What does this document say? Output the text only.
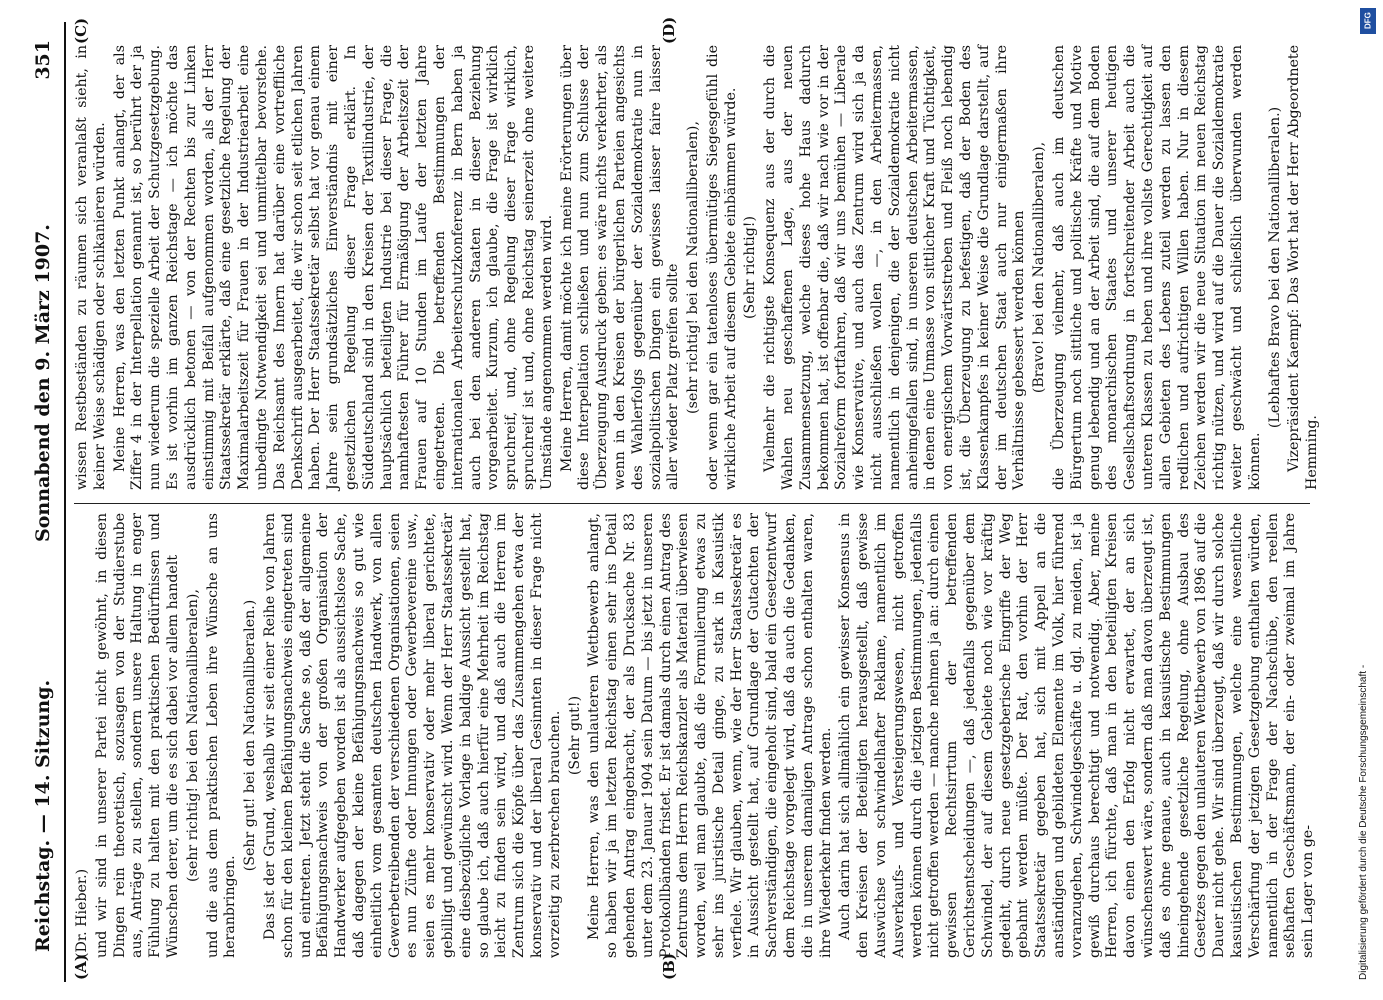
Reichstag. — 14. Sitzung.
Sonnabend den 9. März 1907.
351
(A)	(B)
(C)	(D)

(Dr. Hieber.) und wir sind in unserer Partei nicht gewöhnt, in diesen Dingen rein theoretisch, sozusagen von der Studierstube aus, Anträge zu stellen, sondern unsere Haltung in enger Fühlung zu halten mit den praktischen Bedürfnissen und Wünschen derer, um die es sich dabei vor allem handelt (sehr richtig! bei den Nationalliberalen), und die aus dem praktischen Leben ihre Wünsche an uns heranbringen.

(Sehr gut! bei den Nationalliberalen.) Das ist der Grund, weshalb wir seit einer Reihe von Jahren schon für den kleinen Befähigungsnachweis eingetreten sind und eintreten. Jetzt steht die Sache so, daß der allgemeine Befähigungsnachweis von der großen Organisation der Handwerker aufgegeben worden ist als aussichtslose Sache, daß dagegen der kleine Befähigungsnachweis so gut wie einheitlich vom gesamten deutschen Handwerk, von allen Gewerbetreibenden der verschiedenen Organisationen, seien es nun Zünfte oder Innungen oder Gewerbevereine usw., seien es mehr konservativ oder mehr liberal gerichtete, gebilligt und gewünscht wird. Wenn der Herr Staatssekretär eine diesbezügliche Vorlage in baldige Aussicht gestellt hat, so glaube ich, daß auch hierfür eine Mehrheit im Reichstag leicht zu finden sein wird, und daß auch die Herren im Zentrum sich die Köpfe über das Zusammengehen etwa der konservativ und der liberal Gesinnten in dieser Frage nicht vorzeitig zu zerbrechen brauchen. (Sehr gut!) Meine Herren, was den unlauteren Wettbewerb anlangt, so haben wir ja im letzten Reichstag einen sehr ins Detail gehenden Antrag eingebracht, der als Drucksache Nr. 83 unter dem 23. Januar 1904 sein Datum — bis jetzt in unseren Protokollbänden fristet. Er ist damals durch einen Antrag des Zentrums dem Herrn Reichskanzler als Material überwiesen worden, weil man glaubte, daß die Formulierung etwas zu sehr ins juristische Detail ginge, zu stark in Kasuistik verfiele. Wir glauben, wenn, wie der Herr Staatssekretär es in Aussicht gestellt hat, auf Grundlage der Gutachten der Sachverständigen, die eingeholt sind, bald ein Gesetzentwurf dem Reichstage vorgelegt wird, daß da auch die Gedanken, die in unserem damaligen Antrage schon enthalten waren, ihre Wiederkehr finden werden. Auch darin hat sich allmählich ein gewisser Konsensus in den Kreisen der Beteiligten herausgestellt, daß gewisse Auswüchse von schwindelhafter Reklame, namentlich im Ausverkaufs- und Versteigerungswesen, nicht getroffen werden können durch die jetzigen Bestimmungen, jedenfalls nicht getroffen werden — manche nehmen ja an: durch einen gewissen Rechtsirrtum der betreffenden Gerichtsentscheidungen —, daß jedenfalls gegenüber dem Schwindel, der auf diesem Gebiete noch wie vor kräftig gedeiht, durch neue gesetzgeberische Eingriffe der Weg gebahnt werden müßte. Der Rat, den vorhin der Herr Staatssekretär gegeben hat, sich mit Appell an die anständigen und gebildeten Elemente im Volk, hier führend voranzugehen, Schwindelgeschäfte u. dgl. zu meiden, ist ja gewiß durchaus berechtigt und notwendig. Aber, meine Herren, ich fürchte, daß man in den beteiligten Kreisen davon einen den Erfolg nicht erwartet, der an sich wünschenswert wäre, sondern daß man davon überzeugt ist, daß es ohne genaue, auch in kasuistische Bestimmungen hineingehende gesetzliche Regelung, ohne Ausbau des Gesetzes gegen den unlauteren Wettbewerb von 1896 auf die Dauer nicht gehe. Wir sind überzeugt, daß wir durch solche kasuistischen Bestimmungen, welche eine wesentliche Verschärfung der jetzigen Gesetzgebung enthalten würden, namentlich in der Frage der Nachschübe, den reellen seßhaften Geschäftsmann, der ein- oder zweimal im Jahre sein Lager von ge-

wissen Restbeständen zu räumen sich veranlaßt sieht, in keiner Weise schädigen oder schikanieren würden. Meine Herren, was den letzten Punkt anlangt, der als Ziffer 4 in der Interpellation genannt ist, so berührt der ja nun wiederum die spezielle Arbeit der Schutzgesetzgebung. Es ist vorhin im ganzen Reichstage — ich möchte das ausdrücklich betonen — von der Rechten bis zur Linken einstimmig mit Beifall aufgenommen worden, als der Herr Staatssekretär erklärte, daß eine gesetzliche Regelung der Maximalarbeitszeit für Frauen in der Industriearbeit eine unbedingte Notwendigkeit sei und unmittelbar bevorstehe. Das Reichsamt des Innern hat darüber eine vortreffliche Denkschrift ausgearbeitet, die wir schon seit etlichen Jahren haben. Der Herr Staatssekretär selbst hat vor genau einem Jahre sein grundsätzliches Einverständnis mit einer gesetzlichen Regelung dieser Frage erklärt. In Süddeutschland sind in den Kreisen der Textilindustrie, der hauptsächlich beteiligten Industrie bei dieser Frage, die namhaftesten Führer für Ermäßigung der Arbeitszeit der Frauen auf 10 Stunden im Laufe der letzten Jahre eingetreten. Die betreffenden Bestimmungen der internationalen Arbeiterschutzkonferenz in Bern haben ja auch bei den anderen Staaten in dieser Beziehung vorgearbeitet. Kurzum, ich glaube, die Frage ist wirklich spruchreif, und, ohne Regelung dieser Frage wirklich, spruchreif ist und, ohne Reichstag seinerzeit ohne weitere Umstände angenommen werden wird. Meine Herren, damit möchte ich meine Erörterungen über diese Interpellation schließen und nun zum Schlusse der Überzeugung Ausdruck geben: es wäre nichts verkehrter, als wenn in den Kreisen der bürgerlichen Parteien angesichts des Wahlerfolgs gegenüber der Sozialdemokratie nun in sozialpolitischen Dingen ein gewisses laisser faire laisser aller wieder Platz greifen sollte (sehr richtig! bei den Nationalliberalen), oder wenn gar ein tatenloses übermütiges Siegesgefühl die wirkliche Arbeit auf diesem Gebiete einbämmen würde. (Sehr richtig!) Vielmehr die richtigste Konsequenz aus der durch die Wahlen neu geschaffenen Lage, aus der neuen Zusammensetzung, welche dieses hohe Haus dadurch bekommen hat, ist offenbar die, daß wir nach wie vor in der Sozialreform fortfahren, daß wir uns bemühen — Liberale wie Konservative, und auch das Zentrum wird sich ja da nicht ausschließen wollen —, in den Arbeitermassen, namentlich in denjenigen, die der Sozialdemokratie nicht anheimgefallen sind, in unseren deutschen Arbeitermassen, in denen eine Unmasse von sittlicher Kraft und Tüchtigkeit, von energischem Vorwärtsstreben und Fleiß noch lebendig ist, die Überzeugung zu befestigen, daß der Boden des Klassenkampfes in keiner Weise die Grundlage darstellt, auf der im deutschen Staat auch nur einigermaßen ihre Verhältnisse gebessert werden können (Bravo! bei den Nationalliberalen), die Überzeugung vielmehr, daß auch im deutschen Bürgertum noch sittliche und politische Kräfte und Motive genug lebendig und an der Arbeit sind, die auf dem Boden des monarchischen Staates und unserer heutigen Gesellschaftsordnung in fortschreitender Arbeit auch die unteren Klassen zu heben und ihre vollste Gerechtigkeit auf allen Gebieten des Lebens zuteil werden zu lassen den redlichen und aufrichtigen Willen haben. Nur in diesem Zeichen werden wir die neue Situation im neuen Reichstag richtig nützen, und wird auf die Dauer die Sozialdemokratie weiter geschwächt und schließlich überwunden werden können.

(Lebhaftes Bravo bei den Nationalliberalen.) Vizepräsident Kaempf: Das Wort hat der Herr Abgeordnete Hemming.

Digitalisierung gefördert durch die Deutsche Forschungsgemeinschaft -
DFG
